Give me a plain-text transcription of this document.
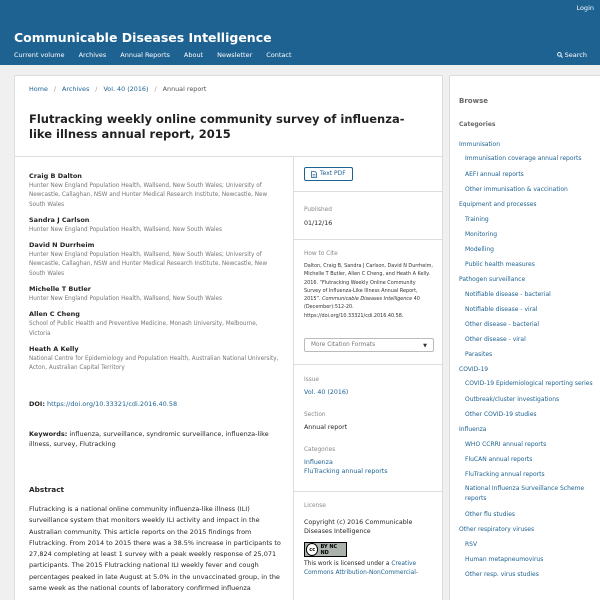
Login
Communicable Diseases Intelligence
Current volume Archives Annual Reports About Newsletter Contact	Search
Home / Archives / Vol. 40 (2016) / Annual report
Flutracking weekly online community survey of influenza-like illness annual report, 2015
Craig B Dalton
Hunter New England Population Health, Wallsend, New South Wales; University of Newcastle, Callaghan, NSW and Hunter Medical Research Institute, Newcastle, New South Wales
Sandra J Carlson
Hunter New England Population Health, Wallsend, New South Wales
David N Durrheim
Hunter New England Population Health, Wallsend, New South Wales; University of Newcastle, Callaghan, NSW and Hunter Medical Research Institute, Newcastle, New South Wales
Michelle T Butler
Hunter New England Population Health, Wallsend, New South Wales
Allen C Cheng
School of Public Health and Preventive Medicine, Monash University, Melbourne, Victoria
Heath A Kelly
National Centre for Epidemiology and Population Health, Australian National University, Acton, Australian Capital Territory
DOI: https://doi.org/10.33321/cdi.2016.40.58
Keywords: influenza, surveillance, syndromic surveillance, influenza-like illness, survey, Flutracking
Abstract
Flutracking is a national online community influenza-like illness (ILI) surveillance system that monitors weekly ILI activity and impact in the Australian community. This article reports on the 2015 findings from Flutracking. From 2014 to 2015 there was a 38.5% increase in participants to 27,824 completing at least 1 survey with a peak weekly response of 25,071 participants. The 2015 Flutracking national ILI weekly fever and cough percentages peaked in late August at 5.0% in the unvaccinated group, in the same week as the national counts of laboratory confirmed influenza
Text PDF
Published
01/12/16
How to Cite
Dalton, Craig B, Sandra J Carlson, David N Durrheim, Michelle T Butler, Allen C Cheng, and Heath A Kelly. 2016. “Flutracking Weekly Online Community Survey of Influenza-Like Illness Annual Report, 2015”. Communicable Diseases Intelligence 40 (December):512-20. https://doi.org/10.33321/cdi.2016.40.58.
More Citation Formats	▼
Issue
Vol. 40 (2016)
Section
Annual report
Categories
Influenza
FluTracking annual reports
License
Copyright (c) 2016 Communicable Diseases Intelligence
cc	BY NC ND
This work is licensed under a Creative Commons Attribution-NonCommercial-
Browse
Categories
Immunisation
Immunisation coverage annual reports
AEFI annual reports
Other immunisation & vaccination
Equipment and processes
Training
Monitoring
Modelling
Public health measures
Pathogen surveillance
Notifiable disease - bacterial
Notifiable disease - viral
Other disease - bacterial
Other disease - viral
Parasites
COVID-19
COVID-19 Epidemiological reporting series
Outbreak/cluster investigations
Other COVID-19 studies
Influenza
WHO CCRRI annual reports
FluCAN annual reports
FluTracking annual reports
National Influenza Surveillance Scheme reports
Other flu studies
Other respiratory viruses
RSV
Human metapneumovirus
Other resp. virus studies
